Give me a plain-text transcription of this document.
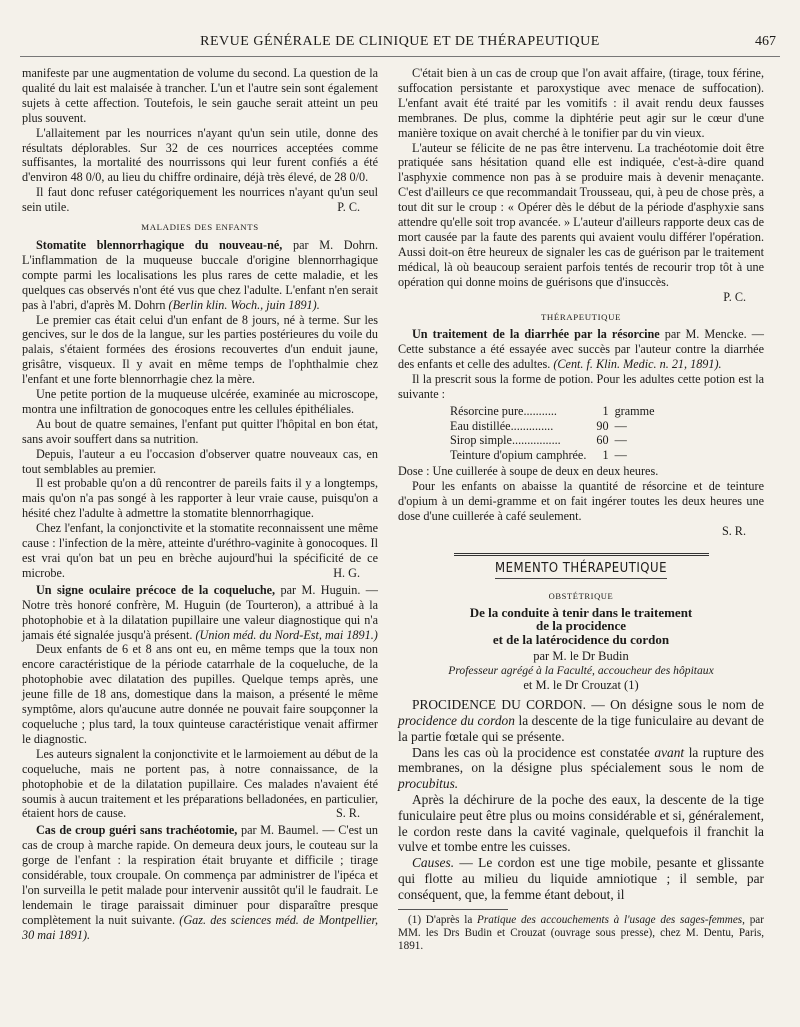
REVUE GÉNÉRALE DE CLINIQUE ET DE THÉRAPEUTIQUE	467

manifeste par une augmentation de volume du second. La question de la qualité du lait est malaisée à trancher. L'un et l'autre sein sont également sujets à cette affection. Toutefois, le sein gauche serait atteint un peu plus souvent.

L'allaitement par les nourrices n'ayant qu'un sein utile, donne des résultats déplorables. Sur 32 de ces nourrices acceptées comme suffisantes, la mortalité des nourrissons qui leur furent confiés a été d'environ 48 0/0, au lieu du chiffre ordinaire, déjà très élevé, de 28 0/0.

Il faut donc refuser catégoriquement les nourrices n'ayant qu'un seul sein utile.	P. C.

MALADIES DES ENFANTS

Stomatite blennorrhagique du nouveau-né, par M. Dohrn. L'inflammation de la muqueuse buccale d'origine blennorrhagique compte parmi les localisations les plus rares de cette maladie, et les quelques cas observés n'ont été vus que chez l'adulte. L'enfant n'en serait pas à l'abri, d'après M. Dohrn (Berlin klin. Woch., juin 1891).

Le premier cas était celui d'un enfant de 8 jours, né à terme. Sur les gencives, sur le dos de la langue, sur les parties postérieures du voile du palais, s'étaient formées des érosions recouvertes d'un enduit jaune, grisâtre, visqueux. Il y avait en même temps de l'ophthalmie chez l'enfant et une forte blennorrhagie chez la mère.

Une petite portion de la muqueuse ulcérée, examinée au microscope, montra une infiltration de gonocoques entre les cellules épithéliales.

Au bout de quatre semaines, l'enfant put quitter l'hôpital en bon état, sans avoir souffert dans sa nutrition.

Depuis, l'auteur a eu l'occasion d'observer quatre nouveaux cas, en tout semblables au premier.

Il est probable qu'on a dû rencontrer de pareils faits il y a longtemps, mais qu'on n'a pas songé à les rapporter à leur vraie cause, puisqu'on a hésité chez l'adulte à admettre la stomatite blennorrhagique.

Chez l'enfant, la conjonctivite et la stomatite reconnaissent une même cause : l'infection de la mère, atteinte d'uréthro-vaginite à gonocoques. Il est vrai qu'on bat un peu en brèche aujourd'hui la spécificité de ce microbe.	H. G.

Un signe oculaire précoce de la coqueluche, par M. Huguin. — Notre très honoré confrère, M. Huguin (de Tourteron), a attribué à la photophobie et à la dilatation pupillaire une valeur diagnostique qui n'a jamais été signalée jusqu'à présent. (Union méd. du Nord-Est, mai 1891.)

Deux enfants de 6 et 8 ans ont eu, en même temps que la toux non encore caractéristique de la période catarrhale de la coqueluche, de la photophobie avec dilatation des pupilles. Quelque temps après, une jeune fille de 18 ans, domestique dans la maison, a présenté le même symptôme, alors qu'aucune autre donnée ne pouvait faire soupçonner la coqueluche ; plus tard, la toux quinteuse caractéristique venait affirmer le diagnostic.

Les auteurs signalent la conjonctivite et le larmoiement au début de la coqueluche, mais ne portent pas, à notre connaissance, de la photophobie et de la dilatation pupillaire. Ces malades n'avaient été soumis à aucun traitement et les préparations belladonées, en particulier, étaient hors de cause.	S. R.

Cas de croup guéri sans trachéotomie, par M. Baumel. — C'est un cas de croup à marche rapide. On demeura deux jours, le couteau sur la gorge de l'enfant : la respiration était bruyante et difficile ; tirage considérable, toux croupale. On commença par administrer de l'ipéca et l'on surveilla le petit malade pour intervenir aussitôt qu'il le faudrait. Le lendemain le tirage paraissait diminuer pour disparaître presque complètement la nuit suivante. (Gaz. des sciences méd. de Montpellier, 30 mai 1891).

C'était bien à un cas de croup que l'on avait affaire, (tirage, toux férine, suffocation persistante et paroxystique avec menace de suffocation). L'enfant avait été traité par les vomitifs : il avait rendu deux fausses membranes. De plus, comme la diphtérie peut agir sur le cœur d'une manière toxique on avait cherché à le tonifier par du vin vieux.

L'auteur se félicite de ne pas être intervenu. La trachéotomie doit être pratiquée sans hésitation quand elle est indiquée, c'est-à-dire quand l'asphyxie commence non pas à se produire mais à devenir menaçante. C'est d'ailleurs ce que recommandait Trousseau, qui, à peu de chose près, a tout dit sur le croup : « Opérer dès le début de la période d'asphyxie sans attendre qu'elle soit trop avancée. » L'auteur d'ailleurs rapporte deux cas de mort causée par la faute des parents qui avaient voulu différer l'opération. Aussi doit-on être heureux de signaler les cas de guérison par le traitement médical, là où beaucoup seraient parfois tentés de recourir trop tôt à une opération qui donne moins de guérisons que d'insuccès.

P. C.
THÉRAPEUTIQUE

Un traitement de la diarrhée par la résorcine par M. Mencke. — Cette substance a été essayée avec succès par l'auteur contre la diarrhée des enfants et celle des adultes. (Cent. f. Klin. Medic. n. 21, 1891).

Il la prescrit sous la forme de potion. Pour les adultes cette potion est la suivante :

Résorcine pure...........	1	gramme
Eau distillée..............	90	—
Sirop simple................	60	—
Teinture d'opium camphrée.	1	—

Dose : Une cuillerée à soupe de deux en deux heures.

Pour les enfants on abaisse la quantité de résorcine et de teinture d'opium à un demi-gramme et on fait ingérer toutes les deux heures une dose d'une cuillerée à café seulement.

S. R.
MEMENTO THÉRAPEUTIQUE
OBSTÉTRIQUE
De la conduite à tenir dans le traitement
de la procidence
et de la latérocidence du cordon
par M. le Dr Budin
Professeur agrégé à la Faculté, accoucheur des hôpitaux
et M. le Dr Crouzat (1)

PROCIDENCE DU CORDON. — On désigne sous le nom de procidence du cordon la descente de la tige funiculaire au devant de la partie fœtale qui se présente.

Dans les cas où la procidence est constatée avant la rupture des membranes, on la désigne plus spécialement sous le nom de procubitus.

Après la déchirure de la poche des eaux, la descente de la tige funiculaire peut être plus ou moins considérable et si, généralement, le cordon reste dans la cavité vaginale, quelquefois il franchit la vulve et tombe entre les cuisses.

Causes. — Le cordon est une tige mobile, pesante et glissante qui flotte au milieu du liquide amniotique ; il semble, par conséquent, que, la femme étant debout, il

(1) D'après la Pratique des accouchements à l'usage des sages-femmes, par MM. les Drs Budin et Crouzat (ouvrage sous presse), chez M. Dentu, Paris, 1891.
